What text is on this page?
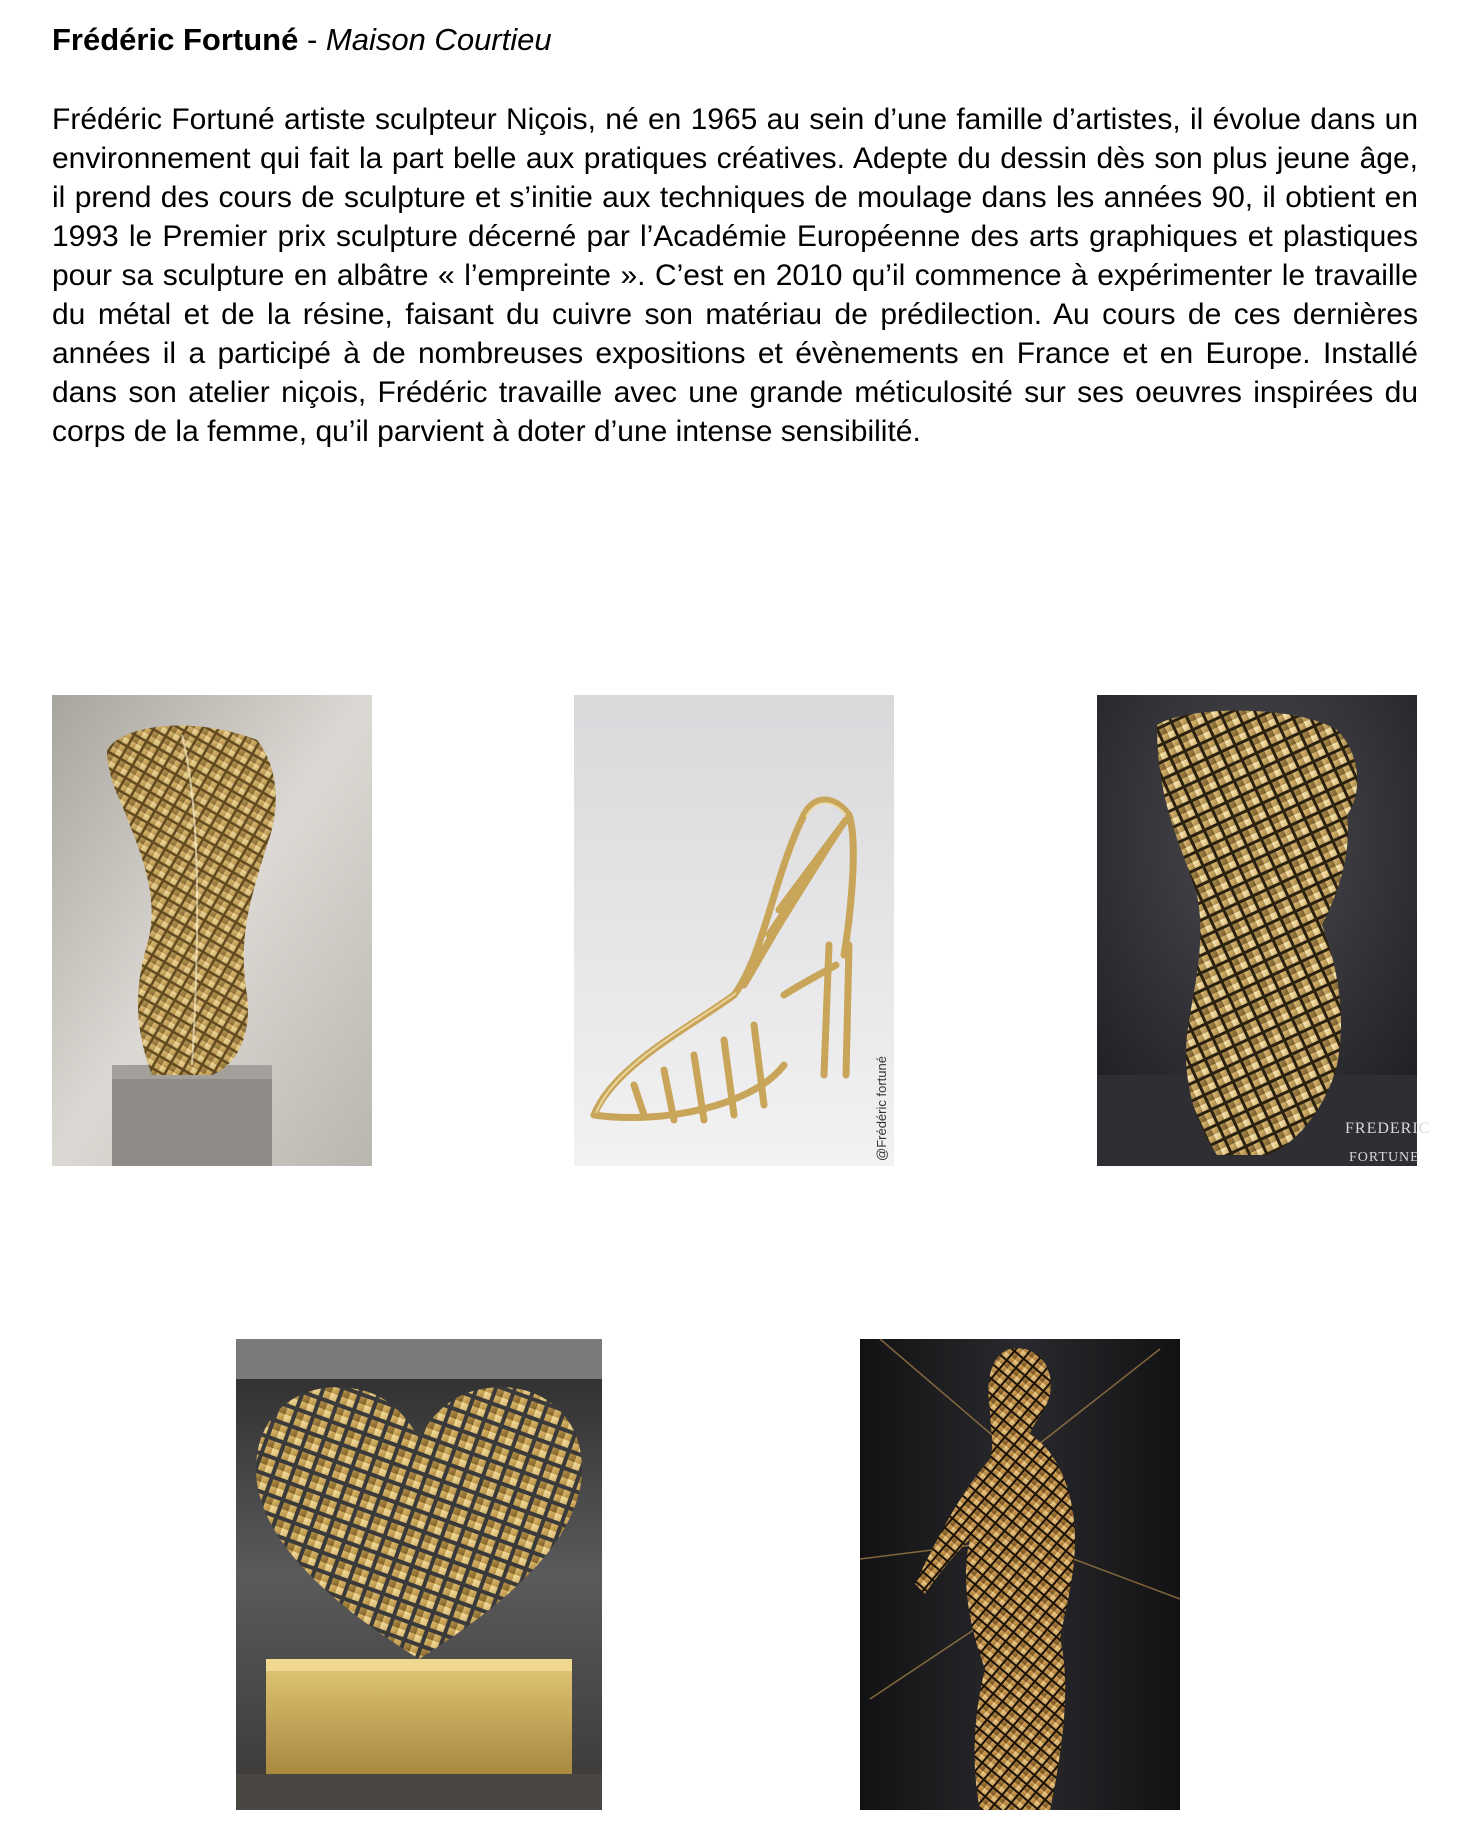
Frédéric Fortuné - Maison Courtieu

Frédéric Fortuné artiste sculpteur Niçois, né en 1965 au sein d’une famille d’artistes, il évolue dans un environnement qui fait la part belle aux pratiques créatives. Adepte du dessin dès son plus jeune âge, il prend des cours de sculpture et s’initie aux techniques de moulage dans les années 90, il obtient en 1993 le Premier prix sculpture décerné par l’Académie Européenne des arts graphiques et plastiques pour sa sculpture en albâtre « l’empreinte ». C’est en 2010 qu’il commence à expérimenter le travaille du métal et de la résine, faisant du cuivre son matériau de prédilection. Au cours de ces dernières années il a participé à de nombreuses expositions et évènements en France et en Europe. Installé dans son atelier niçois, Frédéric travaille avec une grande méticulosité sur ses oeuvres inspirées du corps de la femme, qu’il parvient à doter d’une intense sensibilité.

@Frédéric fortuné	FREDERIC
FORTUNE
